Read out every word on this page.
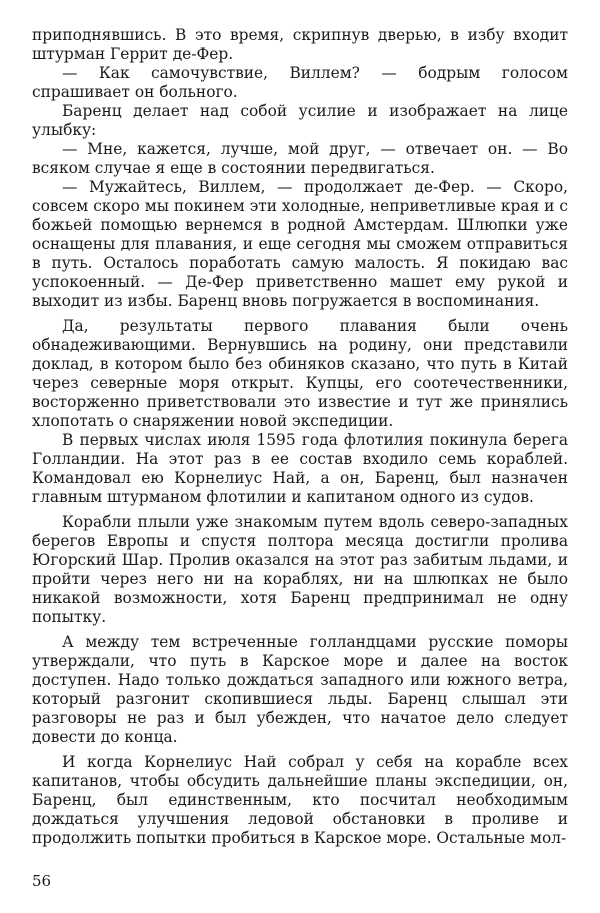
приподнявшись. В это время, скрипнув дверью, в избу входит штурман Геррит де-Фер.

— Как самочувствие, Виллем? — бодрым голосом спрашивает он больного.

Баренц делает над собой усилие и изображает на лице улыбку:

— Мне, кажется, лучше, мой друг, — отвечает он. — Во всяком случае я еще в состоянии передвигаться.

— Мужайтесь, Виллем, — продолжает де-Фер. — Скоро, совсем скоро мы покинем эти холодные, неприветливые края и с божьей помощью вернемся в родной Амстердам. Шлюпки уже оснащены для плавания, и еще сегодня мы сможем отправиться в путь. Осталось поработать самую малость. Я покидаю вас успокоенный. — Де-Фер приветственно машет ему рукой и выходит из избы. Баренц вновь погружается в воспоминания.

Да, результаты первого плавания были очень обнадеживающими. Вернувшись на родину, они представили доклад, в котором было без обиняков сказано, что путь в Китай через северные моря открыт. Купцы, его соотечественники, восторженно приветствовали это известие и тут же принялись хлопотать о снаряжении новой экспедиции.

В первых числах июля 1595 года флотилия покинула берега Голландии. На этот раз в ее состав входило семь кораблей. Командовал ею Корнелиус Най, а он, Баренц, был назначен главным штурманом флотилии и капитаном одного из судов.

Корабли плыли уже знакомым путем вдоль северо-западных берегов Европы и спустя полтора месяца достигли пролива Югорский Шар. Пролив оказался на этот раз забитым льдами, и пройти через него ни на кораблях, ни на шлюпках не было никакой возможности, хотя Баренц предпринимал не одну попытку.

А между тем встреченные голландцами русские поморы утверждали, что путь в Карское море и далее на восток доступен. Надо только дождаться западного или южного ветра, который разгонит скопившиеся льды. Баренц слышал эти разговоры не раз и был убежден, что начатое дело следует довести до конца.

И когда Корнелиус Най собрал у себя на корабле всех капитанов, чтобы обсудить дальнейшие планы экспедиции, он, Баренц, был единственным, кто посчитал необходимым дождаться улучшения ледовой обстановки в проливе и продолжить попытки пробиться в Карское море. Остальные мол-

56
